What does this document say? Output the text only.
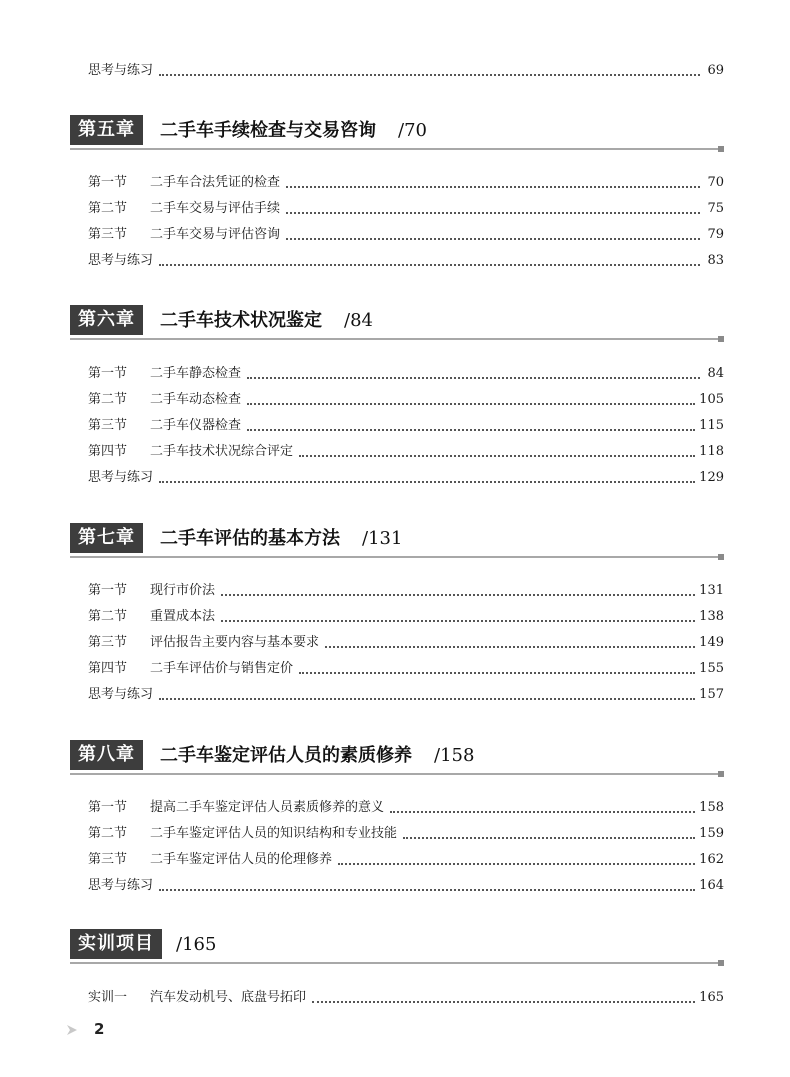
思考与练习	69
第五章	二手车手续检查与交易咨询 /70
第一节	二手车合法凭证的检查	70
第二节	二手车交易与评估手续	75
第三节	二手车交易与评估咨询	79
思考与练习	83
第六章	二手车技术状况鉴定 /84
第一节	二手车静态检查	84
第二节	二手车动态检查	105
第三节	二手车仪器检查	115
第四节	二手车技术状况综合评定	118
思考与练习	129
第七章	二手车评估的基本方法 /131
第一节	现行市价法	131
第二节	重置成本法	138
第三节	评估报告主要内容与基本要求	149
第四节	二手车评估价与销售定价	155
思考与练习	157
第八章	二手车鉴定评估人员的素质修养 /158
第一节	提高二手车鉴定评估人员素质修养的意义	158
第二节	二手车鉴定评估人员的知识结构和专业技能	159
第三节	二手车鉴定评估人员的伦理修养	162
思考与练习	164
实训项目	/165
实训一	汽车发动机号、底盘号拓印	165
2
